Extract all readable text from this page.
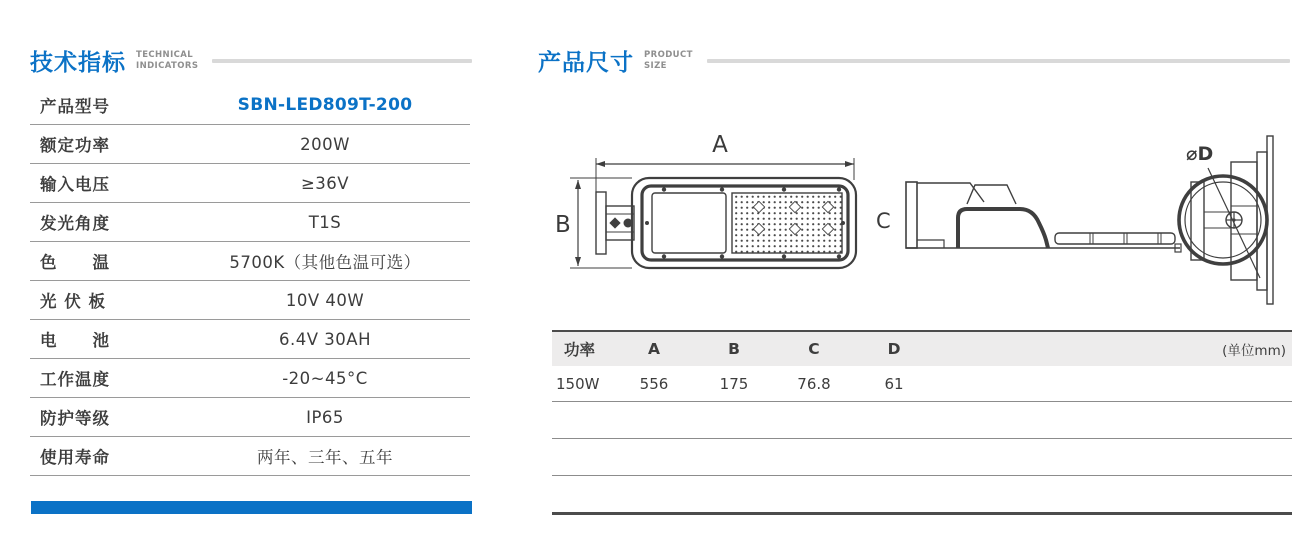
技术指标 TECHNICAL
INDICATORS
产品型号	SBN-LED809T-200
额定功率	200W
输入电压	≥36V
发光角度	T1S
色　　温	5700K（其他色温可选）
光 伏 板	10V 40W
电　　池	6.4V 30AH
工作温度	-20~45°C
防护等级	IP65
使用寿命	两年、三年、五年
产品尺寸 PRODUCT
SIZE
A
B	C
⌀D
功率	A	B	C	D	(单位mm)
150W	556	175	76.8	61
